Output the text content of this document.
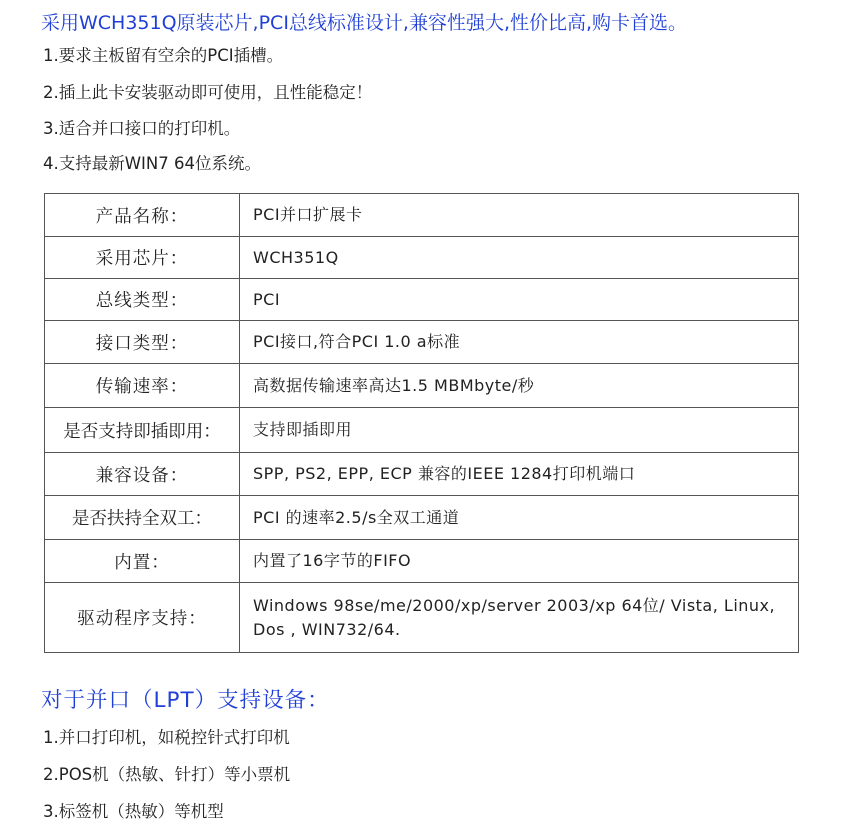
采用WCH351Q原装芯片,PCI总线标准设计,兼容性强大,性价比高,购卡首选。
1.要求主板留有空余的PCI插槽。
2.插上此卡安装驱动即可使用，且性能稳定！
3.适合并口接口的打印机。
4.支持最新WIN7 64位系统。
产品名称：	PCI并口扩展卡
采用芯片：	WCH351Q
总线类型：	PCI
接口类型：	PCI接口,符合PCI 1.0 a标准
传输速率：	高数据传输速率高达1.5 MBMbyte/秒
是否支持即插即用：	支持即插即用
兼容设备：	SPP, PS2, EPP, ECP 兼容的IEEE 1284打印机端口
是否扶持全双工：	PCI 的速率2.5/s全双工通道
内置：	内置了16字节的FIFO
驱动程序支持：	Windows 98se/me/2000/xp/server 2003/xp 64位/ Vista, Linux, Dos , WIN732/64.
对于并口（LPT）支持设备：
1.并口打印机，如税控针式打印机
2.POS机（热敏、针打）等小票机
3.标签机（热敏）等机型
